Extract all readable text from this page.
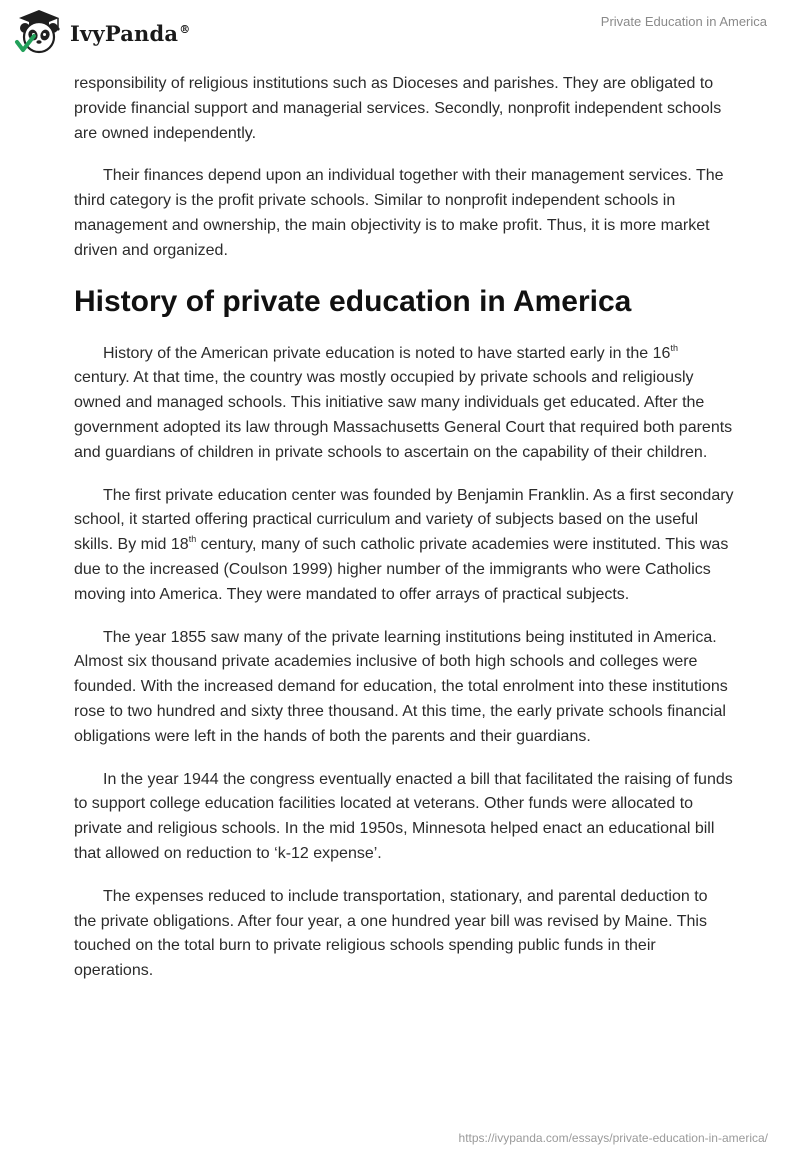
IvyPanda®	Private Education in America

responsibility of religious institutions such as Dioceses and parishes. They are obligated to provide financial support and managerial services. Secondly, nonprofit independent schools are owned independently.

Their finances depend upon an individual together with their management services. The third category is the profit private schools. Similar to nonprofit independent schools in management and ownership, the main objectivity is to make profit. Thus, it is more market driven and organized.

History of private education in America

History of the American private education is noted to have started early in the 16th century. At that time, the country was mostly occupied by private schools and religiously owned and managed schools. This initiative saw many individuals get educated. After the government adopted its law through Massachusetts General Court that required both parents and guardians of children in private schools to ascertain on the capability of their children.

The first private education center was founded by Benjamin Franklin. As a first secondary school, it started offering practical curriculum and variety of subjects based on the useful skills. By mid 18th century, many of such catholic private academies were instituted. This was due to the increased (Coulson 1999) higher number of the immigrants who were Catholics moving into America. They were mandated to offer arrays of practical subjects.

The year 1855 saw many of the private learning institutions being instituted in America. Almost six thousand private academies inclusive of both high schools and colleges were founded. With the increased demand for education, the total enrolment into these institutions rose to two hundred and sixty three thousand. At this time, the early private schools financial obligations were left in the hands of both the parents and their guardians.

In the year 1944 the congress eventually enacted a bill that facilitated the raising of funds to support college education facilities located at veterans. Other funds were allocated to private and religious schools. In the mid 1950s, Minnesota helped enact an educational bill that allowed on reduction to ‘k-12 expense’.

The expenses reduced to include transportation, stationary, and parental deduction to the private obligations. After four year, a one hundred year bill was revised by Maine. This touched on the total burn to private religious schools spending public funds in their operations.

https://ivypanda.com/essays/private-education-in-america/
